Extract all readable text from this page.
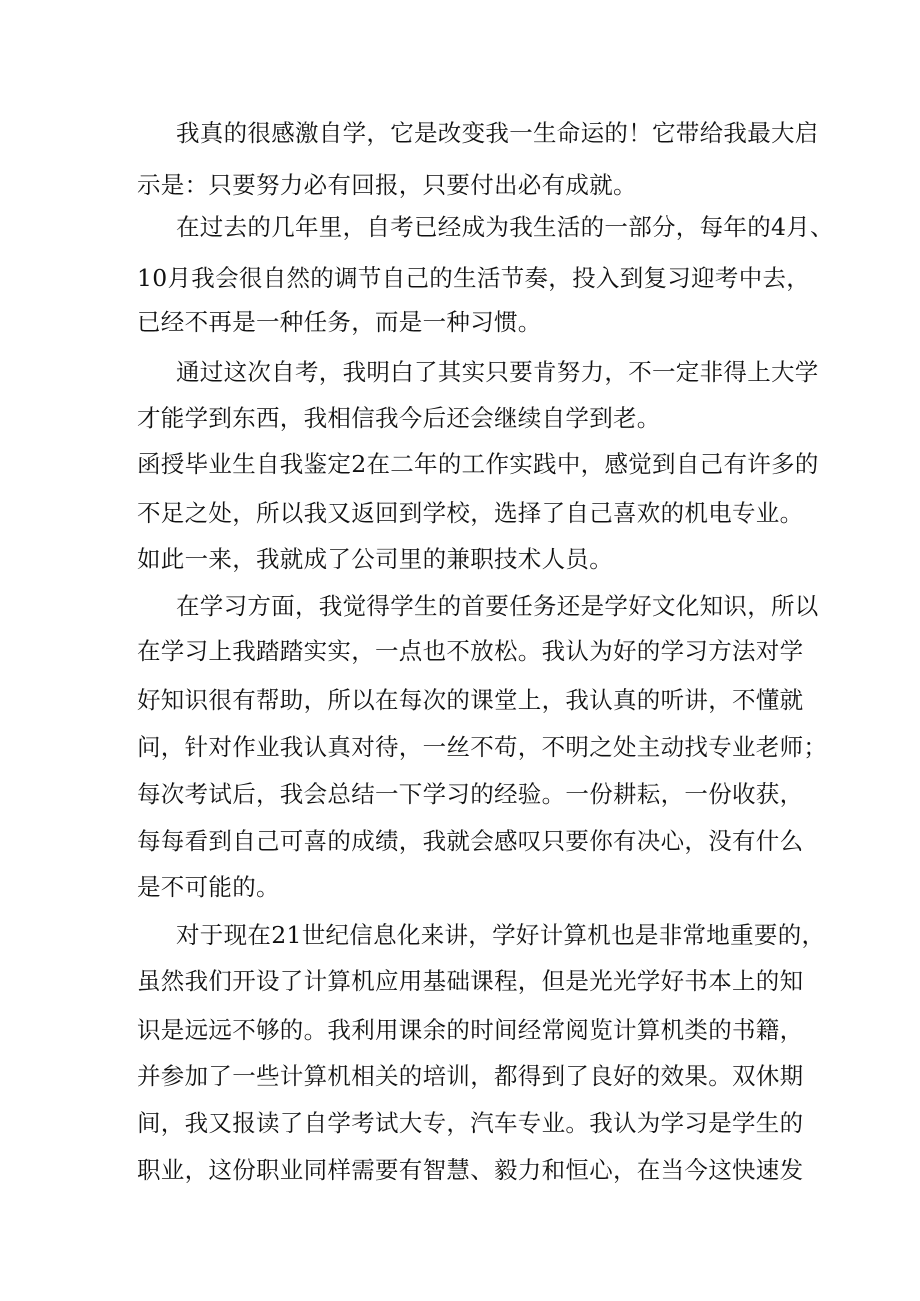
我真的很感激自学，它是改变我一生命运的！它带给我最大启
示是：只要努力必有回报，只要付出必有成就。
在过去的几年里，自考已经成为我生活的一部分，每年的4月、
10月我会很自然的调节自己的生活节奏，投入到复习迎考中去，
已经不再是一种任务，而是一种习惯。
通过这次自考，我明白了其实只要肯努力，不一定非得上大学
才能学到东西，我相信我今后还会继续自学到老。
函授毕业生自我鉴定2在二年的工作实践中，感觉到自己有许多的
不足之处，所以我又返回到学校，选择了自己喜欢的机电专业。
如此一来，我就成了公司里的兼职技术人员。
在学习方面，我觉得学生的首要任务还是学好文化知识，所以
在学习上我踏踏实实，一点也不放松。我认为好的学习方法对学
好知识很有帮助，所以在每次的课堂上，我认真的听讲，不懂就
问，针对作业我认真对待，一丝不苟，不明之处主动找专业老师；
每次考试后，我会总结一下学习的经验。一份耕耘，一份收获，
每每看到自己可喜的成绩，我就会感叹只要你有决心，没有什么
是不可能的。
对于现在21世纪信息化来讲，学好计算机也是非常地重要的，
虽然我们开设了计算机应用基础课程，但是光光学好书本上的知
识是远远不够的。我利用课余的时间经常阅览计算机类的书籍，
并参加了一些计算机相关的培训，都得到了良好的效果。双休期
间，我又报读了自学考试大专，汽车专业。我认为学习是学生的
职业，这份职业同样需要有智慧、毅力和恒心，在当今这快速发
